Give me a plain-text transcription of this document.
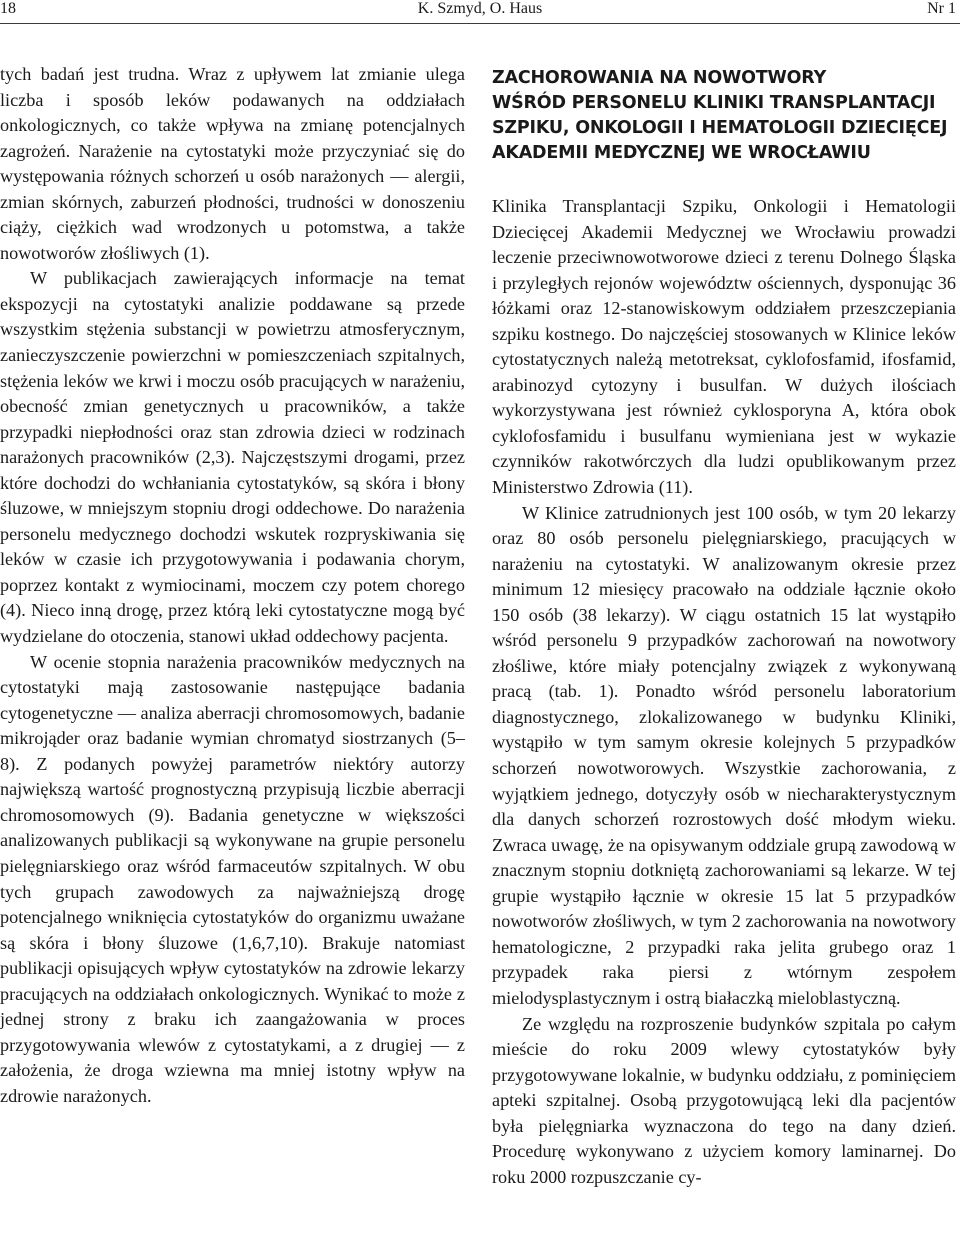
18	K. Szmyd, O. Haus	Nr 1

tych badań jest trudna. Wraz z upływem lat zmianie ulega liczba i sposób leków podawanych na oddziałach onkologicznych, co także wpływa na zmianę potencjalnych zagrożeń. Narażenie na cytostatyki może przyczyniać się do występowania różnych schorzeń u osób narażonych — alergii, zmian skórnych, zaburzeń płodności, trudności w donoszeniu ciąży, ciężkich wad wrodzonych u potomstwa, a także nowotworów złośliwych (1).

W publikacjach zawierających informacje na temat ekspozycji na cytostatyki analizie poddawane są przede wszystkim stężenia substancji w powietrzu atmosferycznym, zanieczyszczenie powierzchni w pomieszczeniach szpitalnych, stężenia leków we krwi i moczu osób pracujących w narażeniu, obecność zmian genetycznych u pracowników, a także przypadki niepłodności oraz stan zdrowia dzieci w rodzinach narażonych pracowników (2,3). Najczęstszymi drogami, przez które dochodzi do wchłaniania cytostatyków, są skóra i błony śluzowe, w mniejszym stopniu drogi oddechowe. Do narażenia personelu medycznego dochodzi wskutek rozpryskiwania się leków w czasie ich przygotowywania i podawania chorym, poprzez kontakt z wymiocinami, moczem czy potem chorego (4). Nieco inną drogę, przez którą leki cytostatyczne mogą być wydzielane do otoczenia, stanowi układ oddechowy pacjenta.

W ocenie stopnia narażenia pracowników medycznych na cytostatyki mają zastosowanie następujące badania cytogenetyczne — analiza aberracji chromosomowych, badanie mikrojąder oraz badanie wymian chromatyd siostrzanych (5–8). Z podanych powyżej parametrów niektóry autorzy największą wartość prognostyczną przypisują liczbie aberracji chromosomowych (9). Badania genetyczne w większości analizowanych publikacji są wykonywane na grupie personelu pielęgniarskiego oraz wśród farmaceutów szpitalnych. W obu tych grupach zawodowych za najważniejszą drogę potencjalnego wniknięcia cytostatyków do organizmu uważane są skóra i błony śluzowe (1,6,7,10). Brakuje natomiast publikacji opisujących wpływ cytostatyków na zdrowie lekarzy pracujących na oddziałach onkologicznych. Wynikać to może z jednej strony z braku ich zaangażowania w proces przygotowywania wlewów z cytostatykami, a z drugiej — z założenia, że droga wziewna ma mniej istotny wpływ na zdrowie narażonych.

ZACHOROWANIA NA NOWOTWORY
WŚRÓD PERSONELU KLINIKI TRANSPLANTACJI
SZPIKU, ONKOLOGII I HEMATOLOGII DZIECIĘCEJ
AKADEMII MEDYCZNEJ WE WROCŁAWIU

Klinika Transplantacji Szpiku, Onkologii i Hematologii Dziecięcej Akademii Medycznej we Wrocławiu prowadzi leczenie przeciwnowotworowe dzieci z terenu Dolnego Śląska i przyległych rejonów województw ościennych, dysponując 36 łóżkami oraz 12-stanowiskowym oddziałem przeszczepiania szpiku kostnego. Do najczęściej stosowanych w Klinice leków cytostatycznych należą metotreksat, cyklofosfamid, ifosfamid, arabinozyd cytozyny i busulfan. W dużych ilościach wykorzystywana jest również cyklosporyna A, która obok cyklofosfamidu i busulfanu wymieniana jest w wykazie czynników rakotwórczych dla ludzi opublikowanym przez Ministerstwo Zdrowia (11).

W Klinice zatrudnionych jest 100 osób, w tym 20 lekarzy oraz 80 osób personelu pielęgniarskiego, pracujących w narażeniu na cytostatyki. W analizowanym okresie przez minimum 12 miesięcy pracowało na oddziale łącznie około 150 osób (38 lekarzy). W ciągu ostatnich 15 lat wystąpiło wśród personelu 9 przypadków zachorowań na nowotwory złośliwe, które miały potencjalny związek z wykonywaną pracą (tab. 1). Ponadto wśród personelu laboratorium diagnostycznego, zlokalizowanego w budynku Kliniki, wystąpiło w tym samym okresie kolejnych 5 przypadków schorzeń nowotworowych. Wszystkie zachorowania, z wyjątkiem jednego, dotyczyły osób w niecharakterystycznym dla danych schorzeń rozrostowych dość młodym wieku. Zwraca uwagę, że na opisywanym oddziale grupą zawodową w znacznym stopniu dotkniętą zachorowaniami są lekarze. W tej grupie wystąpiło łącznie w okresie 15 lat 5 przypadków nowotworów złośliwych, w tym 2 zachorowania na nowotwory hematologiczne, 2 przypadki raka jelita grubego oraz 1 przypadek raka piersi z wtórnym zespołem mielodysplastycznym i ostrą białaczką mieloblastyczną.

Ze względu na rozproszenie budynków szpitala po całym mieście do roku 2009 wlewy cytostatyków były przygotowywane lokalnie, w budynku oddziału, z pominięciem apteki szpitalnej. Osobą przygotowującą leki dla pacjentów była pielęgniarka wyznaczona do tego na dany dzień. Procedurę wykonywano z użyciem komory laminarnej. Do roku 2000 rozpuszczanie cy-
